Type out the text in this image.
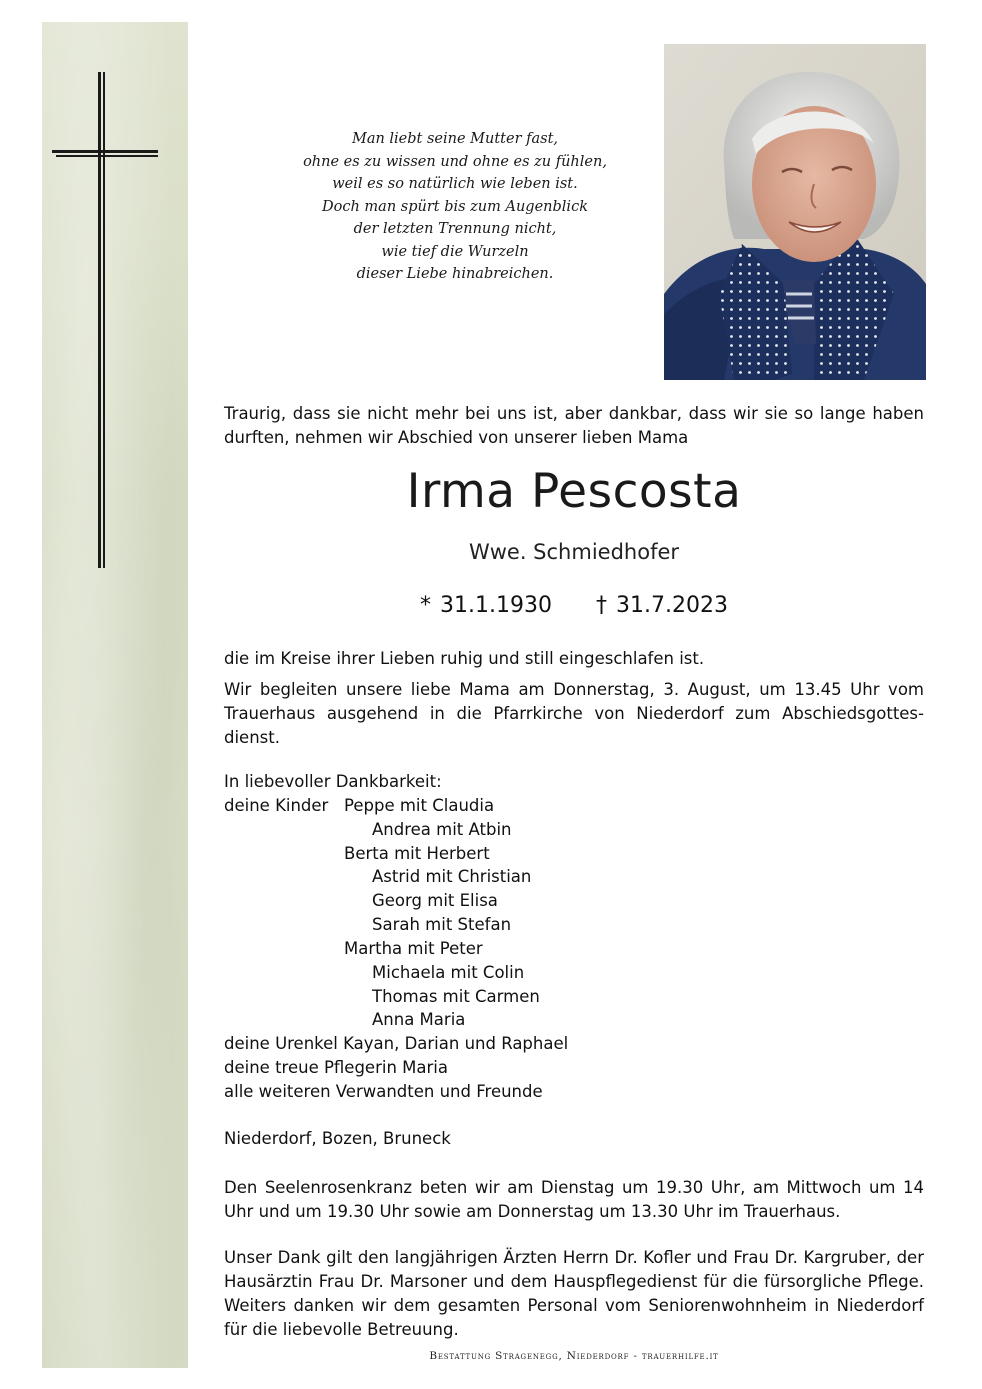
Man liebt seine Mutter fast,
ohne es zu wissen und ohne es zu fühlen,
weil es so natürlich wie leben ist.
Doch man spürt bis zum Augenblick
der letzten Trennung nicht,
wie tief die Wurzeln
dieser Liebe hinabreichen.
Traurig, dass sie nicht mehr bei uns ist, aber dankbar, dass wir sie so lange haben durften, nehmen wir Abschied von unserer lieben Mama
Irma Pescosta
Wwe. Schmiedhofer
* 31.1.1930 † 31.7.2023
die im Kreise ihrer Lieben ruhig und still eingeschlafen ist.
Wir begleiten unsere liebe Mama am Donnerstag, 3. August, um 13.45 Uhr vom Trauerhaus ausgehend in die Pfarrkirche von Niederdorf zum Abschiedsgottes-dienst.
In liebevoller Dankbarkeit:
deine Kinder Peppe mit Claudia
Andrea mit Atbin
Berta mit Herbert
Astrid mit Christian
Georg mit Elisa
Sarah mit Stefan
Martha mit Peter
Michaela mit Colin
Thomas mit Carmen
Anna Maria
deine Urenkel Kayan, Darian und Raphael
deine treue Pflegerin Maria
alle weiteren Verwandten und Freunde
Niederdorf, Bozen, Bruneck
Den Seelenrosenkranz beten wir am Dienstag um 19.30 Uhr, am Mittwoch um 14 Uhr und um 19.30 Uhr sowie am Donnerstag um 13.30 Uhr im Trauerhaus.
Unser Dank gilt den langjährigen Ärzten Herrn Dr. Kofler und Frau Dr. Kargruber, der Hausärztin Frau Dr. Marsoner und dem Hauspflegedienst für die fürsorgliche Pflege. Weiters danken wir dem gesamten Personal vom Seniorenwohnheim in Niederdorf für die liebevolle Betreuung.
Bestattung Stragenegg, Niederdorf - trauerhilfe.it
